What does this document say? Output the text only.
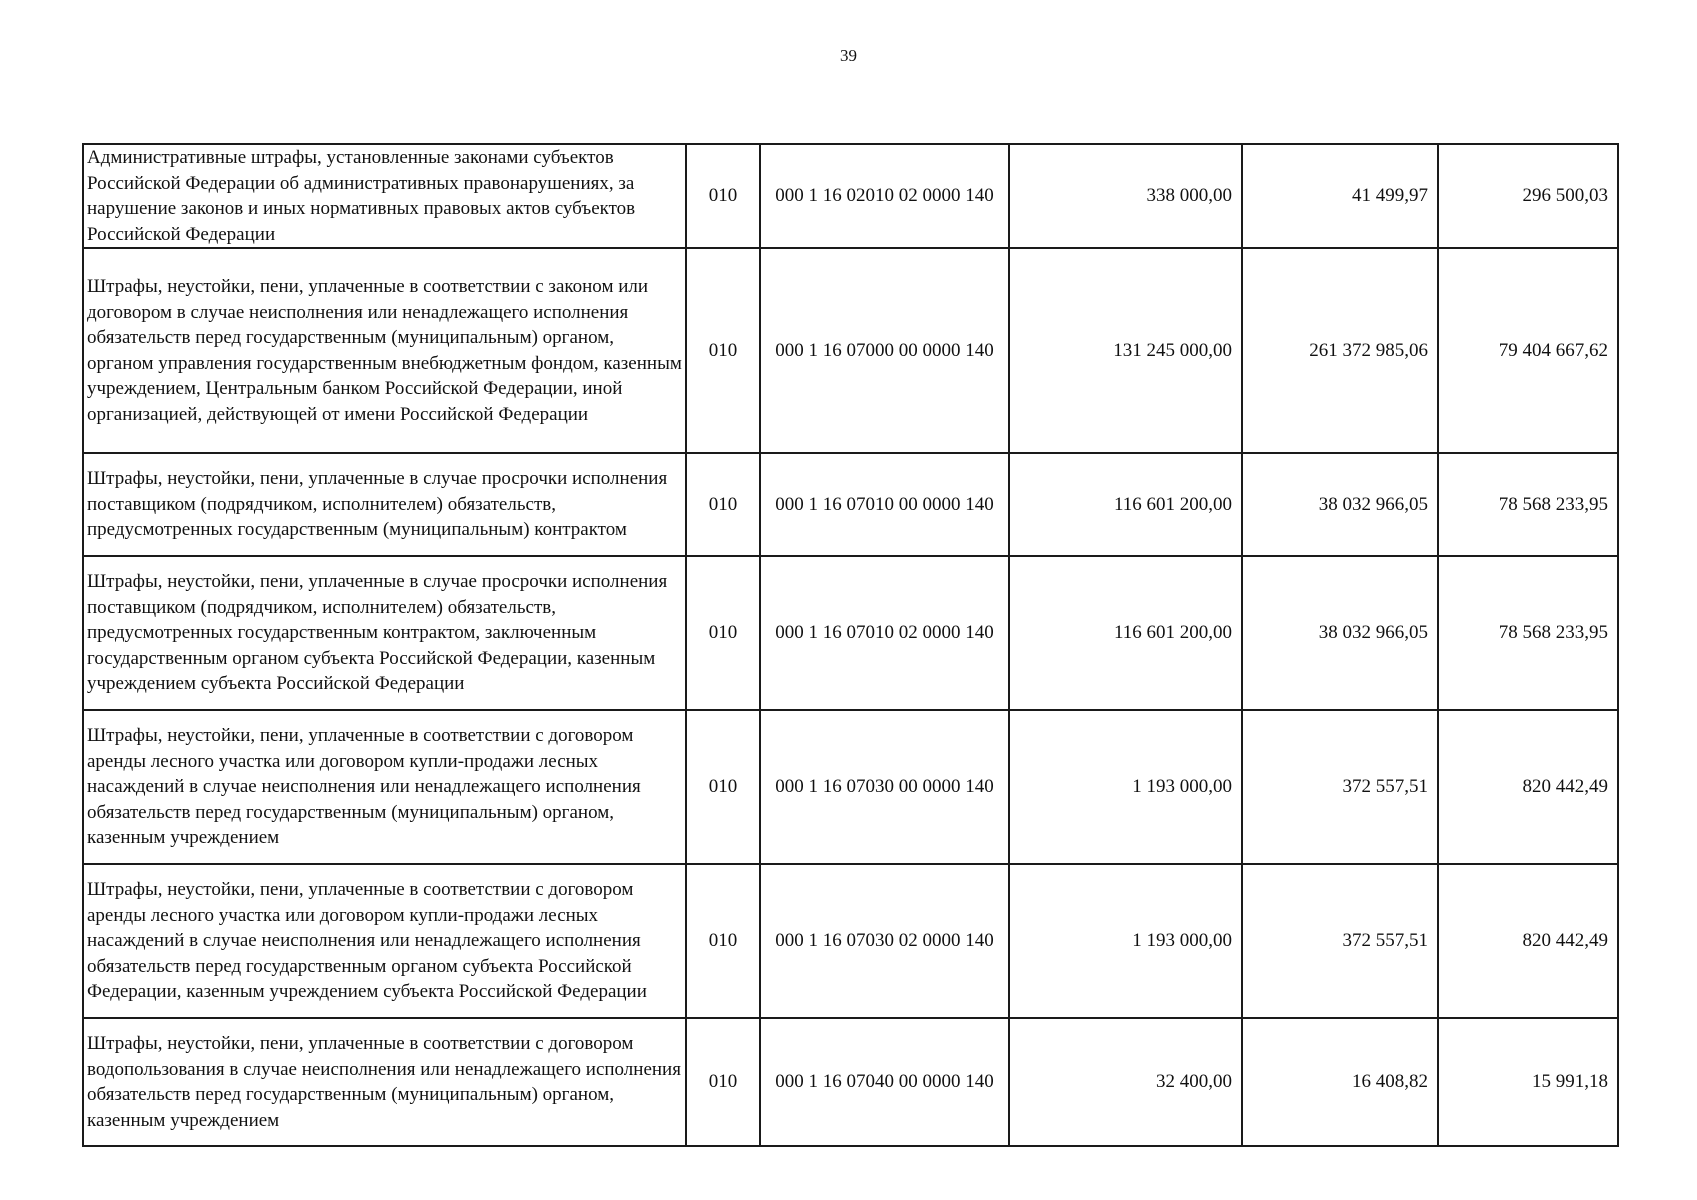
39
Административные штрафы, установленные законами субъектов Российской Федерации об административных правонарушениях, за нарушение законов и иных нормативных правовых актов субъектов Российской Федерации	010	000 1 16 02010 02 0000 140	338 000,00	41 499,97	296 500,03
Штрафы, неустойки, пени, уплаченные в соответствии с законом или договором в случае неисполнения или ненадлежащего исполнения обязательств перед государственным (муниципальным) органом, органом управления государственным внебюджетным фондом, казенным учреждением, Центральным банком Российской Федерации, иной организацией, действующей от имени Российской Федерации	010	000 1 16 07000 00 0000 140	131 245 000,00	261 372 985,06	79 404 667,62
Штрафы, неустойки, пени, уплаченные в случае просрочки исполнения поставщиком (подрядчиком, исполнителем) обязательств, предусмотренных государственным (муниципальным) контрактом	010	000 1 16 07010 00 0000 140	116 601 200,00	38 032 966,05	78 568 233,95
Штрафы, неустойки, пени, уплаченные в случае просрочки исполнения поставщиком (подрядчиком, исполнителем) обязательств, предусмотренных государственным контрактом, заключенным государственным органом субъекта Российской Федерации, казенным учреждением субъекта Российской Федерации	010	000 1 16 07010 02 0000 140	116 601 200,00	38 032 966,05	78 568 233,95
Штрафы, неустойки, пени, уплаченные в соответствии с договором аренды лесного участка или договором купли-продажи лесных насаждений в случае неисполнения или ненадлежащего исполнения обязательств перед государственным (муниципальным) органом, казенным учреждением	010	000 1 16 07030 00 0000 140	1 193 000,00	372 557,51	820 442,49
Штрафы, неустойки, пени, уплаченные в соответствии с договором аренды лесного участка или договором купли-продажи лесных насаждений в случае неисполнения или ненадлежащего исполнения обязательств перед государственным органом субъекта Российской Федерации, казенным учреждением субъекта Российской Федерации	010	000 1 16 07030 02 0000 140	1 193 000,00	372 557,51	820 442,49
Штрафы, неустойки, пени, уплаченные в соответствии с договором водопользования в случае неисполнения или ненадлежащего исполнения обязательств перед государственным (муниципальным) органом, казенным учреждением	010	000 1 16 07040 00 0000 140	32 400,00	16 408,82	15 991,18
